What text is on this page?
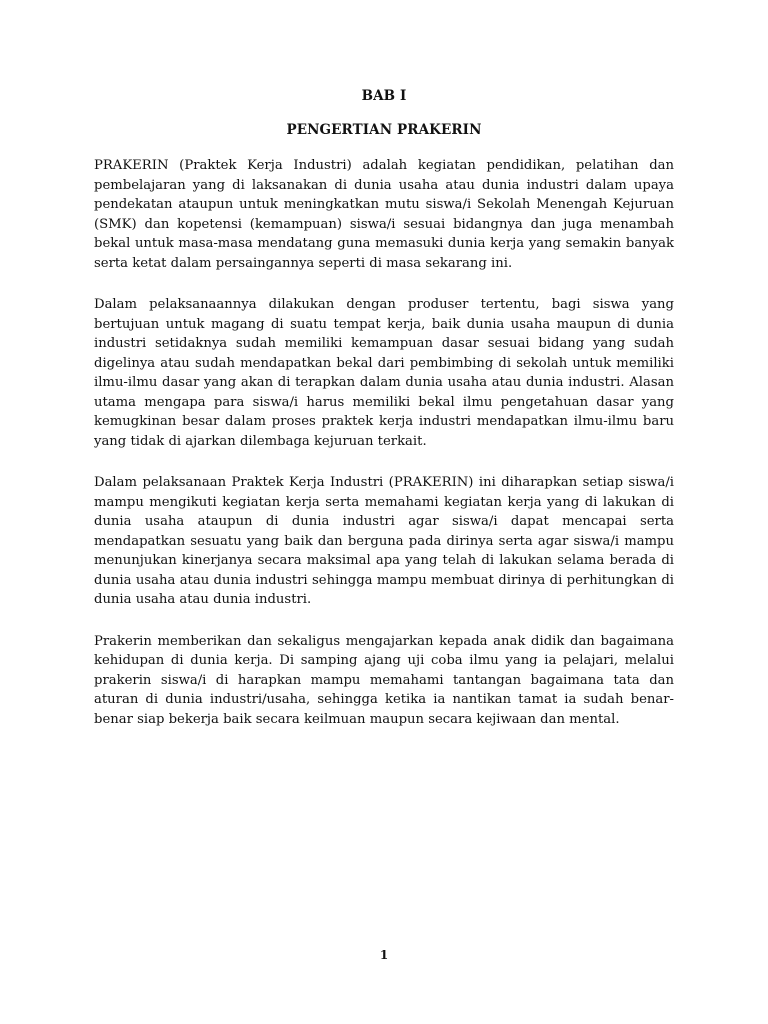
BAB I
PENGERTIAN PRAKERIN

PRAKERIN (Praktek Kerja Industri) adalah kegiatan pendidikan, pelatihan dan pembelajaran yang di laksanakan di dunia usaha atau dunia industri dalam upaya pendekatan ataupun untuk meningkatkan mutu siswa/i Sekolah Menengah Kejuruan (SMK) dan kopetensi (kemampuan) siswa/i sesuai bidangnya dan juga menambah bekal untuk masa-masa mendatang guna memasuki dunia kerja yang semakin banyak serta ketat dalam persaingannya seperti di masa sekarang ini.

Dalam pelaksanaannya dilakukan dengan produser tertentu, bagi siswa yang bertujuan untuk magang di suatu tempat kerja, baik dunia usaha maupun di dunia industri setidaknya sudah memiliki kemampuan dasar sesuai bidang yang sudah digelinya atau sudah mendapatkan bekal dari pembimbing di sekolah untuk memiliki ilmu-ilmu dasar yang akan di terapkan dalam dunia usaha atau dunia industri. Alasan utama mengapa para siswa/i harus memiliki bekal ilmu pengetahuan dasar yang kemugkinan besar dalam proses praktek kerja industri mendapatkan ilmu-ilmu baru yang tidak di ajarkan dilembaga kejuruan terkait.

Dalam pelaksanaan Praktek Kerja Industri (PRAKERIN) ini diharapkan setiap siswa/i mampu mengikuti kegiatan kerja serta memahami kegiatan kerja yang di lakukan di dunia usaha ataupun di dunia industri agar siswa/i dapat mencapai serta mendapatkan sesuatu yang baik dan berguna pada dirinya serta agar siswa/i mampu menunjukan kinerjanya secara maksimal apa yang telah di lakukan selama berada di dunia usaha atau dunia industri sehingga mampu membuat dirinya di perhitungkan di dunia usaha atau dunia industri.

Prakerin memberikan dan sekaligus mengajarkan kepada anak didik dan bagaimana kehidupan di dunia kerja. Di samping ajang uji coba ilmu yang ia pelajari, melalui prakerin siswa/i di harapkan mampu memahami tantangan bagaimana tata dan aturan di dunia industri/usaha, sehingga ketika ia nantikan tamat ia sudah benar-benar siap bekerja baik secara keilmuan maupun secara kejiwaan dan mental.

1
